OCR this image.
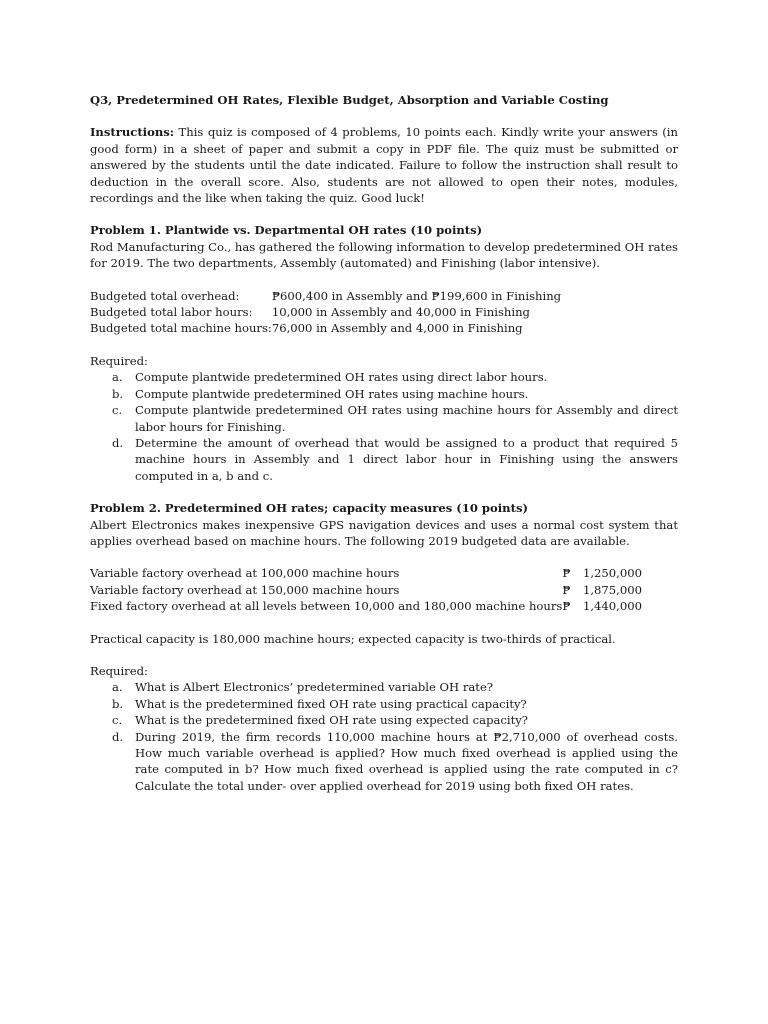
Q3, Predetermined OH Rates, Flexible Budget, Absorption and Variable Costing

Instructions: This quiz is composed of 4 problems, 10 points each. Kindly write your answers (in good form) in a sheet of paper and submit a copy in PDF file. The quiz must be submitted or answered by the students until the date indicated. Failure to follow the instruction shall result to deduction in the overall score. Also, students are not allowed to open their notes, modules, recordings and the like when taking the quiz. Good luck!

Problem 1. Plantwide vs. Departmental OH rates (10 points)

Rod Manufacturing Co., has gathered the following information to develop predetermined OH rates for 2019. The two departments, Assembly (automated) and Finishing (labor intensive).

Budgeted total overhead:	₱600,400 in Assembly and ₱199,600 in Finishing
Budgeted total labor hours:	10,000 in Assembly and 40,000 in Finishing
Budgeted total machine hours:	76,000 in Assembly and 4,000 in Finishing

Required:

a. Compute plantwide predetermined OH rates using direct labor hours.
b. Compute plantwide predetermined OH rates using machine hours.
c. Compute plantwide predetermined OH rates using machine hours for Assembly and direct labor hours for Finishing.
d. Determine the amount of overhead that would be assigned to a product that required 5 machine hours in Assembly and 1 direct labor hour in Finishing using the answers computed in a, b and c.

Problem 2. Predetermined OH rates; capacity measures (10 points)

Albert Electronics makes inexpensive GPS navigation devices and uses a normal cost system that applies overhead based on machine hours. The following 2019 budgeted data are available.

Variable factory overhead at 100,000 machine hours	₱	1,250,000
Variable factory overhead at 150,000 machine hours	₱	1,875,000
Fixed factory overhead at all levels between 10,000 and 180,000 machine hours	₱	1,440,000

Practical capacity is 180,000 machine hours; expected capacity is two-thirds of practical.

Required:

a. What is Albert Electronics’ predetermined variable OH rate?
b. What is the predetermined fixed OH rate using practical capacity?
c. What is the predetermined fixed OH rate using expected capacity?
d. During 2019, the firm records 110,000 machine hours at ₱2,710,000 of overhead costs. How much variable overhead is applied? How much fixed overhead is applied using the rate computed in b? How much fixed overhead is applied using the rate computed in c? Calculate the total under- over applied overhead for 2019 using both fixed OH rates.
